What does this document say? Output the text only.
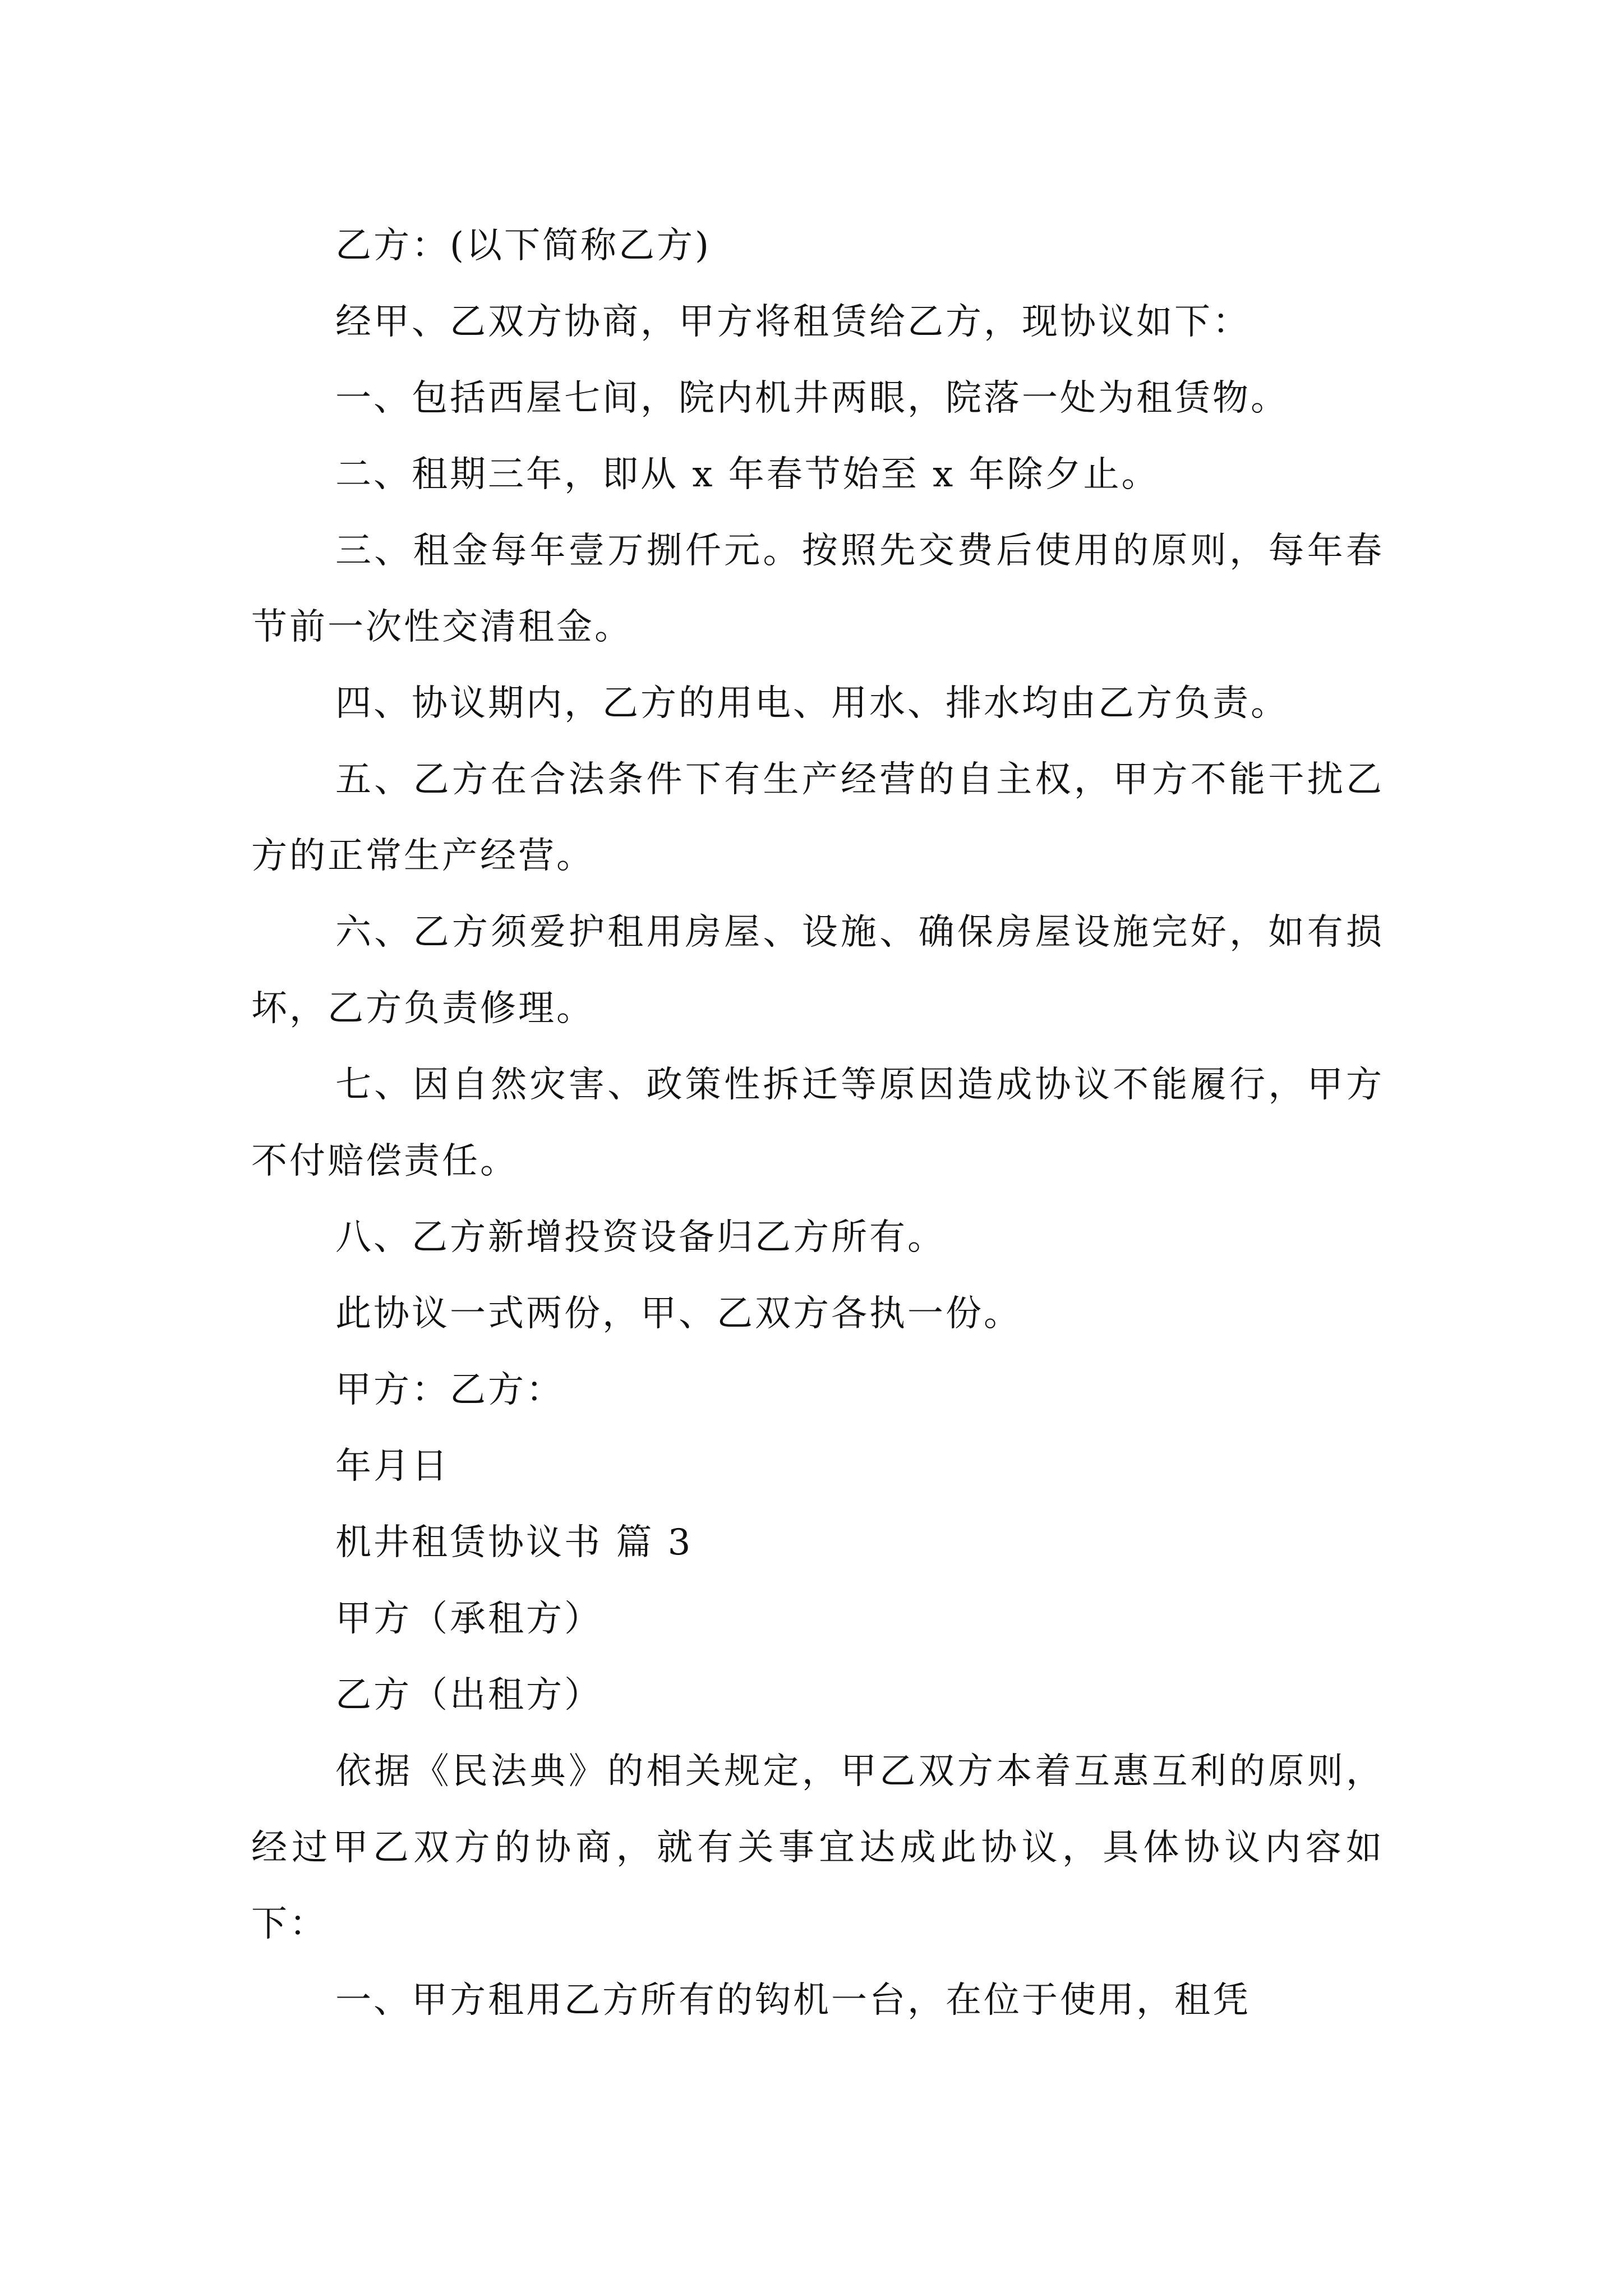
乙方：(以下简称乙方)

经甲、乙双方协商，甲方将租赁给乙方，现协议如下：

一、包括西屋七间，院内机井两眼，院落一处为租赁物。

二、租期三年，即从 x 年春节始至 x 年除夕止。

三、租金每年壹万捌仟元。按照先交费后使用的原则，每年春节前一次性交清租金。

四、协议期内，乙方的用电、用水、排水均由乙方负责。

五、乙方在合法条件下有生产经营的自主权，甲方不能干扰乙方的正常生产经营。

六、乙方须爱护租用房屋、设施、确保房屋设施完好，如有损坏，乙方负责修理。

七、因自然灾害、政策性拆迁等原因造成协议不能履行，甲方不付赔偿责任。

八、乙方新增投资设备归乙方所有。

此协议一式两份，甲、乙双方各执一份。

甲方：乙方：

年月日

机井租赁协议书 篇 3

甲方（承租方）

乙方（出租方）

依据《民法典》的相关规定，甲乙双方本着互惠互利的原则，经过甲乙双方的协商，就有关事宜达成此协议，具体协议内容如下：

一、甲方租用乙方所有的钩机一台，在位于使用，租凭
